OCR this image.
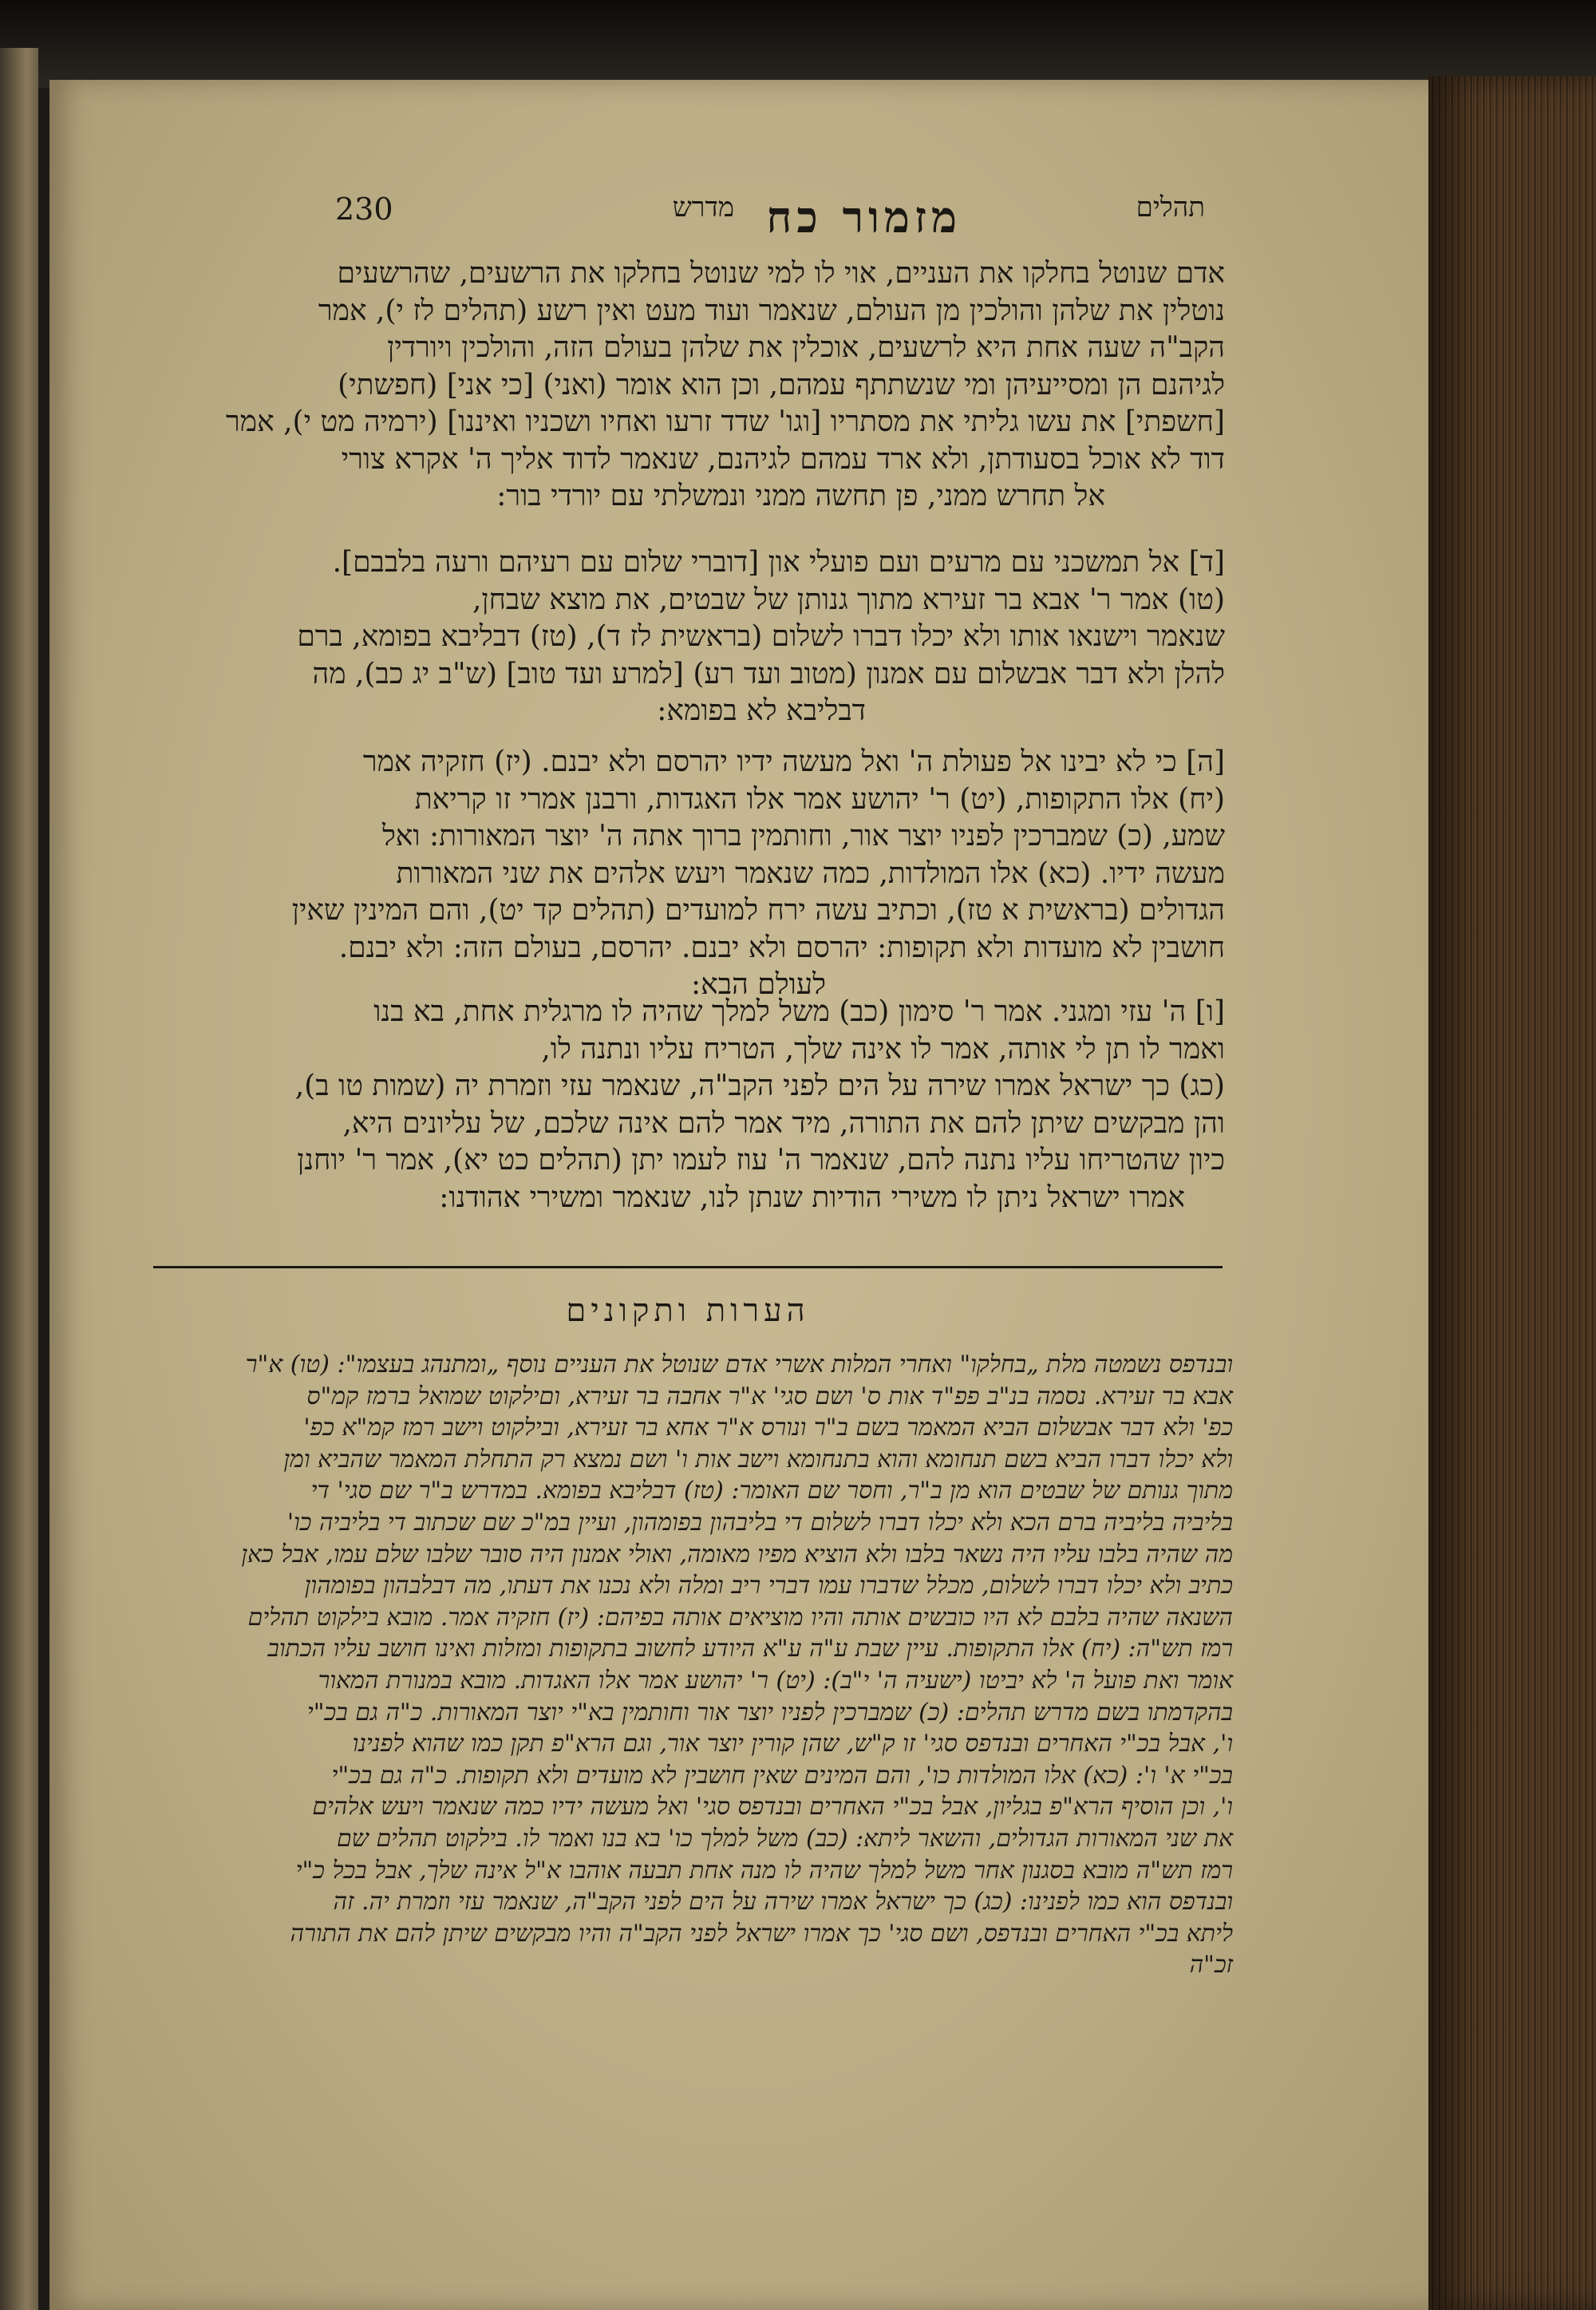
תהלים
מזמור כח
מדרש
230

אדם שנוטל בחלקו את העניים, אוי לו למי שנוטל בחלקו את הרשעים, שהרשעים

נוטלין את שלהן והולכין מן העולם, שנאמר ועוד מעט ואין רשע (תהלים לז י), אמר

הקב"ה שעה אחת היא לרשעים, אוכלין את שלהן בעולם הזה, והולכין ויורדין

לגיהנם הן ומסייעיהן ומי שנשתתף עמהם, וכן הוא אומר (ואני) [כי אני] (חפשתי)

[חשפתי] את עשו גליתי את מסתריו [וגו' שדד זרעו ואחיו ושכניו ואיננו] (ירמיה מט י), אמר

דוד לא אוכל בסעודתן, ולא ארד עמהם לגיהנם, שנאמר לדוד אליך ה' אקרא צורי

אל תחרש ממני, פן תחשה ממני ונמשלתי עם יורדי בור:

[ד] אל תמשכני עם מרעים ועם פועלי און [דוברי שלום עם רעיהם ורעה בלבבם].

(טו) אמר ר' אבא בר זעירא מתוך גנותן של שבטים, את מוצא שבחן,

שנאמר וישנאו אותו ולא יכלו דברו לשלום (בראשית לז ד), (טז) דבליבא בפומא, ברם

להלן ולא דבר אבשלום עם אמנון (מטוב ועד רע) [למרע ועד טוב] (ש"ב יג כב), מה

דבליבא לא בפומא:

[ה] כי לא יבינו אל פעולת ה' ואל מעשה ידיו יהרסם ולא יבנם. (יז) חזקיה אמר

(יח) אלו התקופות, (יט) ר' יהושע אמר אלו האגדות, ורבנן אמרי זו קריאת

שמע, (כ) שמברכין לפניו יוצר אור, וחותמין ברוך אתה ה' יוצר המאורות: ואל

מעשה ידיו. (כא) אלו המולדות, כמה שנאמר ויעש אלהים את שני המאורות

הגדולים (בראשית א טז), וכתיב עשה ירח למועדים (תהלים קד יט), והם המינין שאין

חושבין לא מועדות ולא תקופות: יהרסם ולא יבנם. יהרסם, בעולם הזה: ולא יבנם.

לעולם הבא:

[ו] ה' עזי ומגני. אמר ר' סימון (כב) משל למלך שהיה לו מרגלית אחת, בא בנו

ואמר לו תן לי אותה, אמר לו אינה שלך, הטריח עליו ונתנה לו,

(כג) כך ישראל אמרו שירה על הים לפני הקב"ה, שנאמר עזי וזמרת יה (שמות טו ב),

והן מבקשים שיתן להם את התורה, מיד אמר להם אינה שלכם, של עליונים היא,

כיון שהטריחו עליו נתנה להם, שנאמר ה' עוז לעמו יתן (תהלים כט יא), אמר ר' יוחנן

אמרו ישראל ניתן לו משירי הודיות שנתן לנו, שנאמר ומשירי אהודנו:

הערות ותקונים

ובנדפס נשמטה מלת „בחלקו" ואחרי המלות אשרי אדם שנוטל את העניים נוסף „ומתנהג בעצמו": (טו) א"ר

אבא בר זעירא. נסמה בנ"ב פפ"ד אות ס' ושם סגי' א"ר אחבה בר זעירא, וםילקוט שמואל ברמז קמ"ס

כפ' ולא דבר אבשלום הביא המאמר בשם ב"ר ונורס א"ר אחא בר זעירא, ובילקוט וישב רמז קמ"א כפ'

ולא יכלו דברו הביא בשם תנחומא והוא בתנחומא וישב אות ו' ושם נמצא רק התחלת המאמר שהביא ומן

מתוך גנותם של שבטים הוא מן ב"ר, וחסר שם האומר: (טז) דבליבא בפומא. במדרש ב"ר שם סגי' די

בליביה בליביה ברם הכא ולא יכלו דברו לשלום די בליבהון בפומהון, ועיין במ"כ שם שכתוב די בליביה כו'

מה שהיה בלבו עליו היה נשאר בלבו ולא הוציא מפיו מאומה, ואולי אמנון היה סובר שלבו שלם עמו, אבל כאן

כתיב ולא יכלו דברו לשלום, מכלל שדברו עמו דברי ריב ומלה ולא נכנו את דעתו, מה דבלבהון בפומהון

השנאה שהיה בלבם לא היו כובשים אותה והיו מוציאים אותה בפיהם: (יז) חזקיה אמר. מובא בילקוט תהלים

רמז תש"ה: (יח) אלו התקופות. עיין שבת ע"ה ע"א היודע לחשוב בתקופות ומזלות ואינו חושב עליו הכתוב

אומר ואת פועל ה' לא יביטו (ישעיה ה' י"ב): (יט) ר' יהושע אמר אלו האגדות. מובא במנורת המאור

בהקדמתו בשם מדרש תהלים: (כ) שמברכין לפניו יוצר אור וחותמין בא"י יוצר המאורות. כ"ה גם בכ"י

ו', אבל בכ"י האחרים ובנדפס סגי' זו ק"ש, שהן קורין יוצר אור, וגם הרא"פ תקן כמו שהוא לפנינו

בכ"י א' ו': (כא) אלו המולדות כו', והם המינים שאין חושבין לא מועדים ולא תקופות. כ"ה גם בכ"י

ו', וכן הוסיף הרא"פ בגליון, אבל בכ"י האחרים ובנדפס סגי' ואל מעשה ידיו כמה שנאמר ויעש אלהים

את שני המאורות הגדולים, והשאר ליתא: (כב) משל למלך כו' בא בנו ואמר לו. בילקוט תהלים שם

רמז תש"ה מובא בסגנון אחר משל למלך שהיה לו מנה אחת תבעה אוהבו א"ל אינה שלך, אבל בכל כ"י

ובנדפס הוא כמו לפנינו: (כג) כך ישראל אמרו שירה על הים לפני הקב"ה, שנאמר עזי וזמרת יה. זה

ליתא בכ"י האחרים ובנדפס, ושם סגי' כך אמרו ישראל לפני הקב"ה והיו מבקשים שיתן להם את התורה

זכ"ה
